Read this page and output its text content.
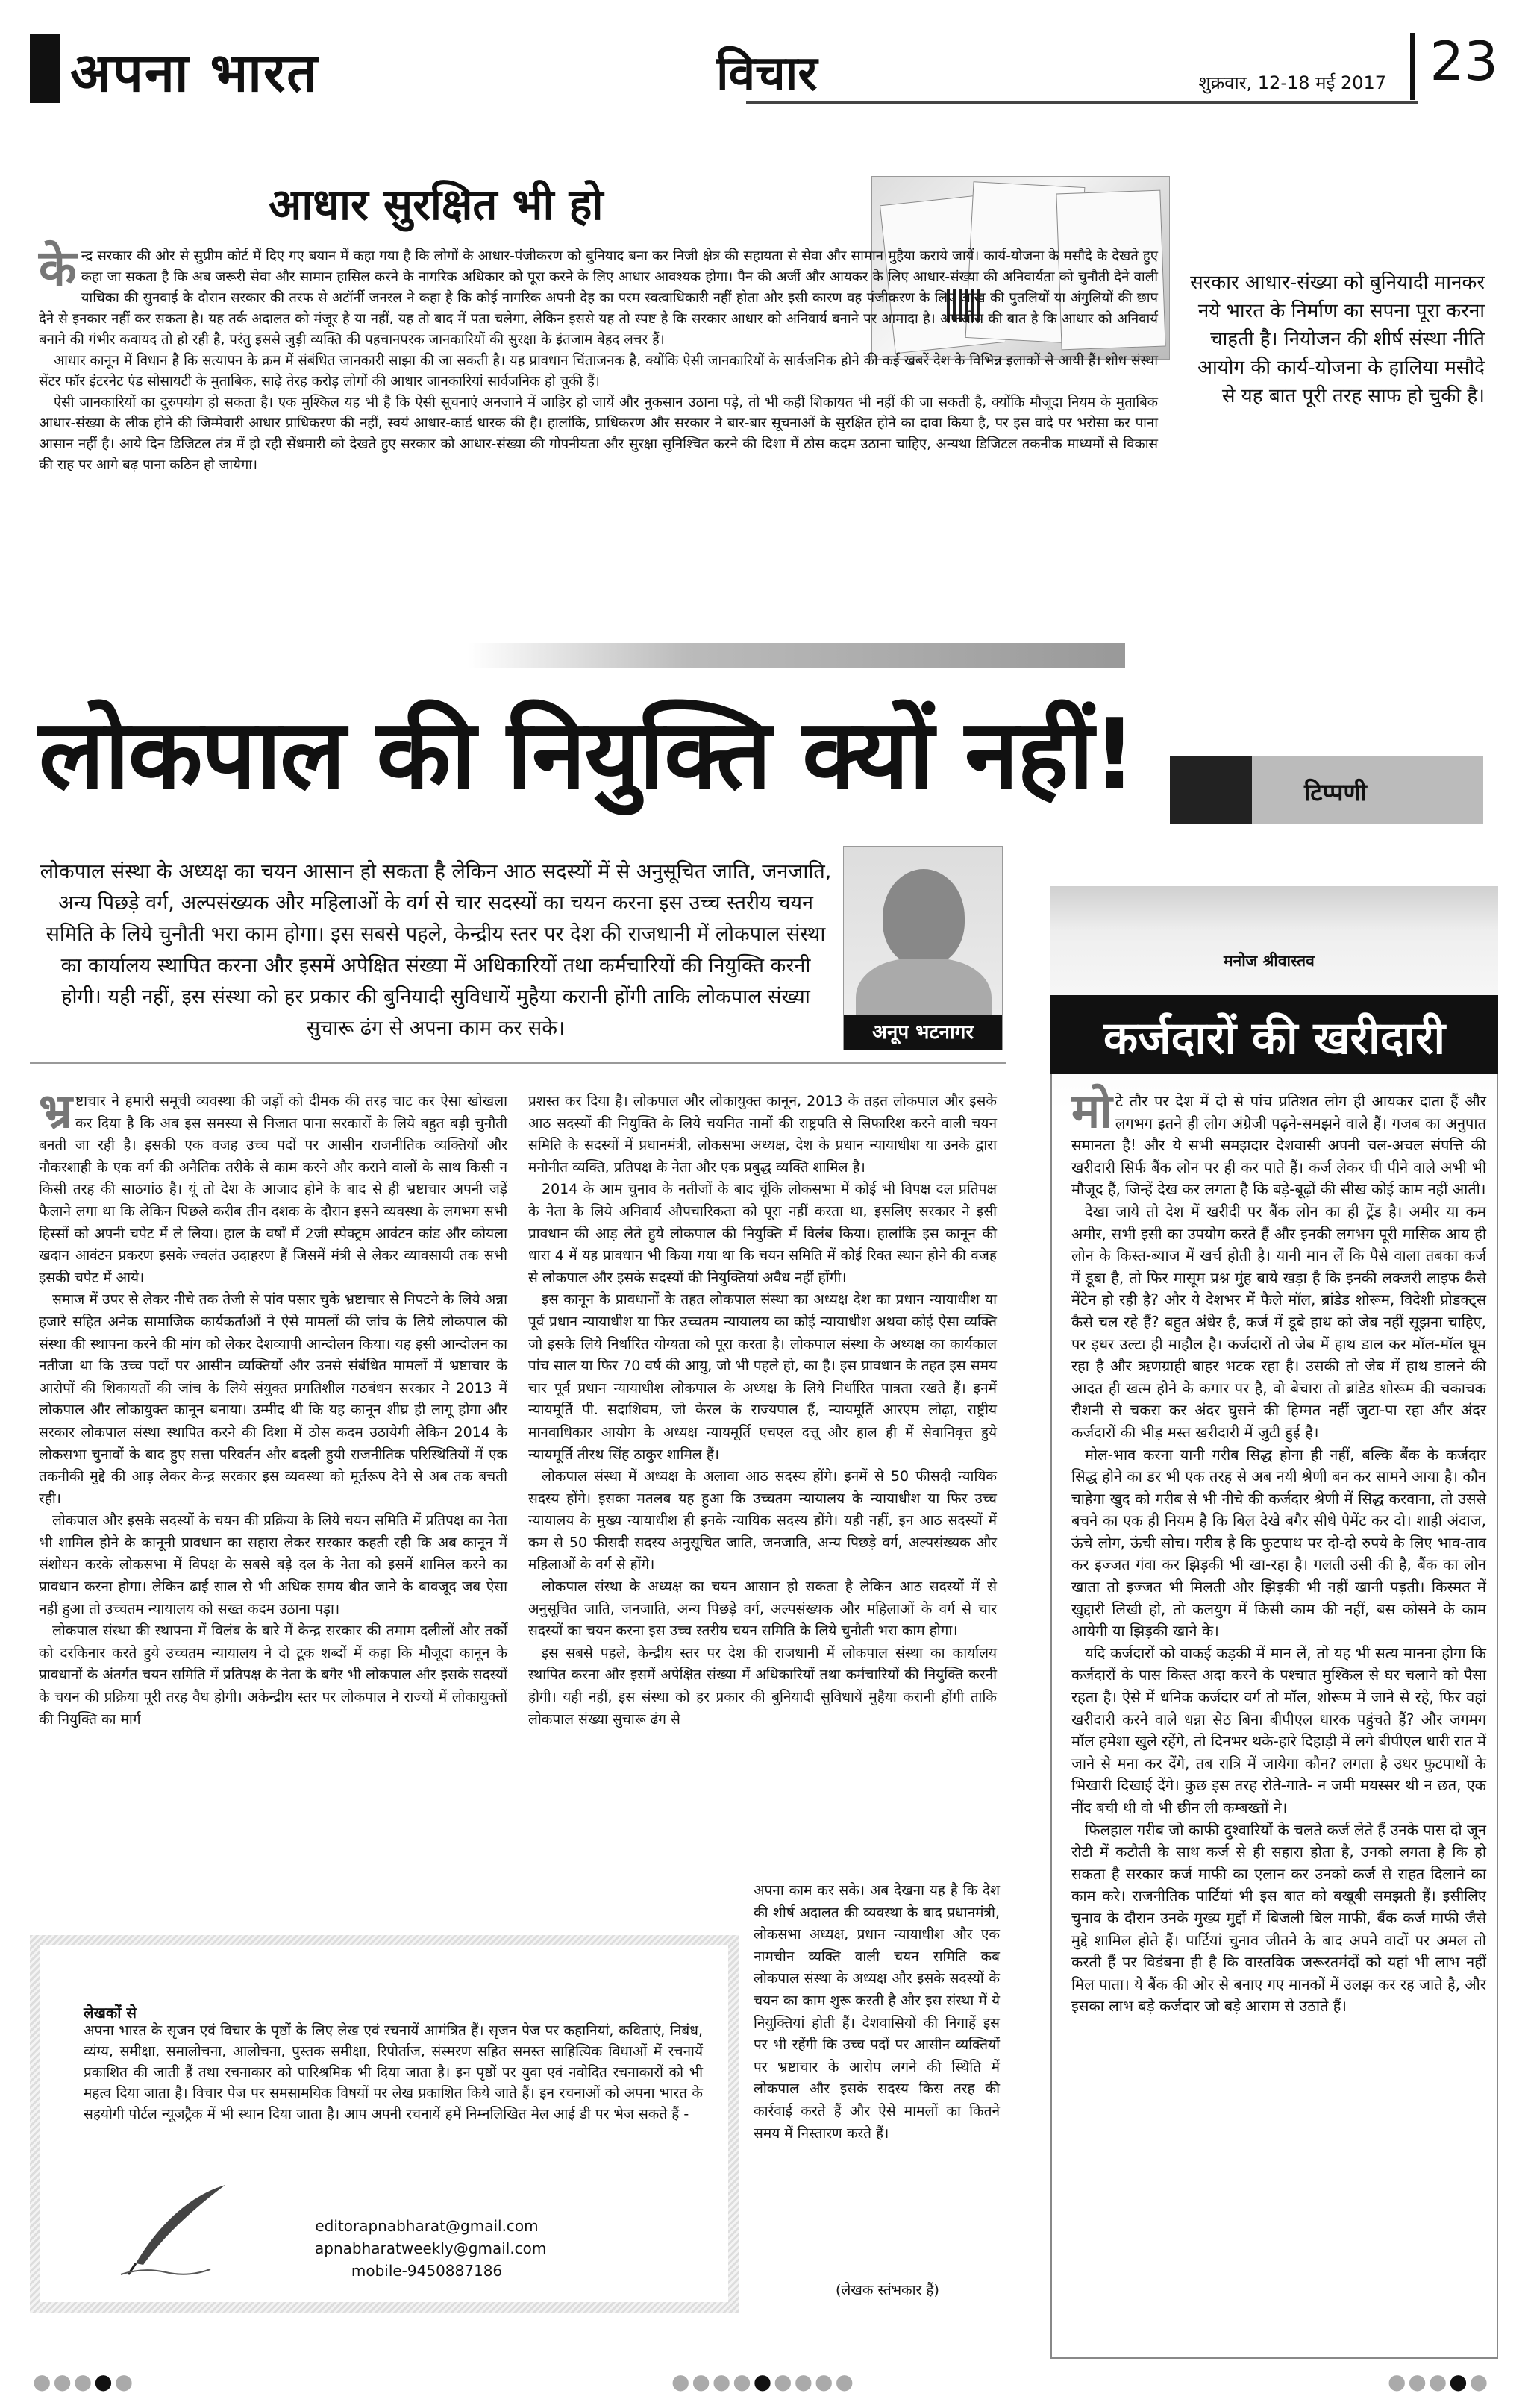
अपना भारत	विचार	शुक्रवार, 12-18 मई 2017 23
आधार सुरक्षित भी हो

केन्द्र सरकार की ओर से सुप्रीम कोर्ट में दिए गए बयान में कहा गया है कि लोगों के आधार-पंजीकरण को बुनियाद बना कर निजी क्षेत्र की सहायता से सेवा और सामान मुहैया कराये जायें। कार्य-योजना के मसौदे के देखते हुए कहा जा सकता है कि अब जरूरी सेवा और सामान हासिल करने के नागरिक अधिकार को पूरा करने के लिए आधार आवश्यक होगा। पैन की अर्जी और आयकर के लिए आधार-संख्या की अनिवार्यता को चुनौती देने वाली याचिका की सुनवाई के दौरान सरकार की तरफ से अटॉर्नी जनरल ने कहा है कि कोई नागरिक अपनी देह का परम स्वत्वाधिकारी नहीं होता और इसी कारण वह पंजीकरण के लिए आंख की पुतलियों या अंगुलियों की छाप देने से इनकार नहीं कर सकता है। यह तर्क अदालत को मंजूर है या नहीं, यह तो बाद में पता चलेगा, लेकिन इससे यह तो स्पष्ट है कि सरकार आधार को अनिवार्य बनाने पर आमादा है। अफसोस की बात है कि आधार को अनिवार्य बनाने की गंभीर कवायद तो हो रही है, परंतु इससे जुड़ी व्यक्ति की पहचानपरक जानकारियों की सुरक्षा के इंतजाम बेहद लचर हैं।

आधार कानून में विधान है कि सत्यापन के क्रम में संबंधित जानकारी साझा की जा सकती है। यह प्रावधान चिंताजनक है, क्योंकि ऐसी जानकारियों के सार्वजनिक होने की कई खबरें देश के विभिन्न इलाकों से आयी हैं। शोध संस्था सेंटर फॉर इंटरनेट एंड सोसायटी के मुताबिक, साढ़े तेरह करोड़ लोगों की आधार जानकारियां सार्वजनिक हो चुकी हैं।

ऐसी जानकारियों का दुरुपयोग हो सकता है। एक मुश्किल यह भी है कि ऐसी सूचनाएं अनजाने में जाहिर हो जायें और नुकसान उठाना पड़े, तो भी कहीं शिकायत भी नहीं की जा सकती है, क्योंकि मौजूदा नियम के मुताबिक आधार-संख्या के लीक होने की जिम्मेवारी आधार प्राधिकरण की नहीं, स्वयं आधार-कार्ड धारक की है। हालांकि, प्राधिकरण और सरकार ने बार-बार सूचनाओं के सुरक्षित होने का दावा किया है, पर इस वादे पर भरोसा कर पाना आसान नहीं है। आये दिन डिजिटल तंत्र में हो रही सेंधमारी को देखते हुए सरकार को आधार-संख्या की गोपनीयता और सुरक्षा सुनिश्चित करने की दिशा में ठोस कदम उठाना चाहिए, अन्यथा डिजिटल तकनीक माध्यमों से विकास की राह पर आगे बढ़ पाना कठिन हो जायेगा।

सरकार आधार-संख्या को बुनियादी मानकर नये भारत के निर्माण का सपना पूरा करना चाहती है। नियोजन की शीर्ष संस्था नीति आयोग की कार्य-योजना के हालिया मसौदे से यह बात पूरी तरह साफ हो चुकी है।
लोकपाल की नियुक्ति क्यों नहीं!	टिप्पणी
लोकपाल संस्था के अध्यक्ष का चयन आसान हो सकता है लेकिन आठ सदस्यों में से अनुसूचित जाति, जनजाति, अन्य पिछड़े वर्ग, अल्पसंख्यक और महिलाओं के वर्ग से चार सदस्यों का चयन करना इस उच्च स्तरीय चयन समिति के लिये चुनौती भरा काम होगा। इस सबसे पहले, केन्द्रीय स्तर पर देश की राजधानी में लोकपाल संस्था का कार्यालय स्थापित करना और इसमें अपेक्षित संख्या में अधिकारियों तथा कर्मचारियों की नियुक्ति करनी होगी। यही नहीं, इस संस्था को हर प्रकार की बुनियादी सुविधायें मुहैया करानी होंगी ताकि लोकपाल संख्या सुचारू ढंग से अपना काम कर सके।	अनूप भटनागर

भ्र ष्टाचार ने हमारी समूची व्यवस्था की जड़ों को दीमक की तरह चाट कर ऐसा खोखला कर दिया है कि अब इस समस्या से निजात पाना सरकारों के लिये बहुत बड़ी चुनौती बनती जा रही है। इसकी एक वजह उच्च पदों पर आसीन राजनीतिक व्यक्तियों और नौकरशाही के एक वर्ग की अनैतिक तरीके से काम करने और कराने वालों के साथ किसी न किसी तरह की साठगांठ है। यूं तो देश के आजाद होने के बाद से ही भ्रष्टाचार अपनी जड़ें फैलाने लगा था कि लेकिन पिछले करीब तीन दशक के दौरान इसने व्यवस्था के लगभग सभी हिस्सों को अपनी चपेट में ले लिया। हाल के वर्षों में 2जी स्पेक्ट्रम आवंटन कांड और कोयला खदान आवंटन प्रकरण इसके ज्वलंत उदाहरण हैं जिसमें मंत्री से लेकर व्यावसायी तक सभी इसकी चपेट में आये।

समाज में उपर से लेकर नीचे तक तेजी से पांव पसार चुके भ्रष्टाचार से निपटने के लिये अन्ना हजारे सहित अनेक सामाजिक कार्यकर्ताओं ने ऐसे मामलों की जांच के लिये लोकपाल की संस्था की स्थापना करने की मांग को लेकर देशव्यापी आन्दोलन किया। यह इसी आन्दोलन का नतीजा था कि उच्च पदों पर आसीन व्यक्तियों और उनसे संबंधित मामलों में भ्रष्टाचार के आरोपों की शिकायतों की जांच के लिये संयुक्त प्रगतिशील गठबंधन सरकार ने 2013 में लोकपाल और लोकायुक्त कानून बनाया। उम्मीद थी कि यह कानून शीघ्र ही लागू होगा और सरकार लोकपाल संस्था स्थापित करने की दिशा में ठोस कदम उठायेगी लेकिन 2014 के लोकसभा चुनावों के बाद हुए सत्ता परिवर्तन और बदली हुयी राजनीतिक परिस्थितियों में एक तकनीकी मुद्दे की आड़ लेकर केन्द्र सरकार इस व्यवस्था को मूर्तरूप देने से अब तक बचती रही।

लोकपाल और इसके सदस्यों के चयन की प्रक्रिया के लिये चयन समिति में प्रतिपक्ष का नेता भी शामिल होने के कानूनी प्रावधान का सहारा लेकर सरकार कहती रही कि अब कानून में संशोधन करके लोकसभा में विपक्ष के सबसे बड़े दल के नेता को इसमें शामिल करने का प्रावधान करना होगा। लेकिन ढाई साल से भी अधिक समय बीत जाने के बावजूद जब ऐसा नहीं हुआ तो उच्चतम न्यायालय को सख्त कदम उठाना पड़ा।

लोकपाल संस्था की स्थापना में विलंब के बारे में केन्द्र सरकार की तमाम दलीलों और तर्कों को दरकिनार करते हुये उच्चतम न्यायालय ने दो टूक शब्दों में कहा कि मौजूदा कानून के प्रावधानों के अंतर्गत चयन समिति में प्रतिपक्ष के नेता के बगैर भी लोकपाल और इसके सदस्यों के चयन की प्रक्रिया पूरी तरह वैध होगी। अकेन्द्रीय स्तर पर लोकपाल ने राज्यों में लोकायुक्तों की नियुक्ति का मार्ग

प्रशस्त कर दिया है। लोकपाल और लोकायुक्त कानून, 2013 के तहत लोकपाल और इसके आठ सदस्यों की नियुक्ति के लिये चयनित नामों की राष्ट्रपति से सिफारिश करने वाली चयन समिति के सदस्यों में प्रधानमंत्री, लोकसभा अध्यक्ष, देश के प्रधान न्यायाधीश या उनके द्वारा मनोनीत व्यक्ति, प्रतिपक्ष के नेता और एक प्रबुद्ध व्यक्ति शामिल है।

2014 के आम चुनाव के नतीजों के बाद चूंकि लोकसभा में कोई भी विपक्ष दल प्रतिपक्ष के नेता के लिये अनिवार्य औपचारिकता को पूरा नहीं करता था, इसलिए सरकार ने इसी प्रावधान की आड़ लेते हुये लोकपाल की नियुक्ति में विलंब किया। हालांकि इस कानून की धारा 4 में यह प्रावधान भी किया गया था कि चयन समिति में कोई रिक्त स्थान होने की वजह से लोकपाल और इसके सदस्यों की नियुक्तियां अवैध नहीं होंगी।

इस कानून के प्रावधानों के तहत लोकपाल संस्था का अध्यक्ष देश का प्रधान न्यायाधीश या पूर्व प्रधान न्यायाधीश या फिर उच्चतम न्यायालय का कोई न्यायाधीश अथवा कोई ऐसा व्यक्ति जो इसके लिये निर्धारित योग्यता को पूरा करता है। लोकपाल संस्था के अध्यक्ष का कार्यकाल पांच साल या फिर 70 वर्ष की आयु, जो भी पहले हो, का है। इस प्रावधान के तहत इस समय चार पूर्व प्रधान न्यायाधीश लोकपाल के अध्यक्ष के लिये निर्धारित पात्रता रखते हैं। इनमें न्यायमूर्ति पी. सदाशिवम, जो केरल के राज्यपाल हैं, न्यायमूर्ति आरएम लोढ़ा, राष्ट्रीय मानवाधिकार आयोग के अध्यक्ष न्यायमूर्ति एचएल दत्तू और हाल ही में सेवानिवृत्त हुये न्यायमूर्ति तीरथ सिंह ठाकुर शामिल हैं।

लोकपाल संस्था में अध्यक्ष के अलावा आठ सदस्य होंगे। इनमें से 50 फीसदी न्यायिक सदस्य होंगे। इसका मतलब यह हुआ कि उच्चतम न्यायालय के न्यायाधीश या फिर उच्च न्यायालय के मुख्य न्यायाधीश ही इनके न्यायिक सदस्य होंगे। यही नहीं, इन आठ सदस्यों में कम से 50 फीसदी सदस्य अनुसूचित जाति, जनजाति, अन्य पिछड़े वर्ग, अल्पसंख्यक और महिलाओं के वर्ग से होंगे।

लोकपाल संस्था के अध्यक्ष का चयन आसान हो सकता है लेकिन आठ सदस्यों में से अनुसूचित जाति, जनजाति, अन्य पिछड़े वर्ग, अल्पसंख्यक और महिलाओं के वर्ग से चार सदस्यों का चयन करना इस उच्च स्तरीय चयन समिति के लिये चुनौती भरा काम होगा।

इस सबसे पहले, केन्द्रीय स्तर पर देश की राजधानी में लोकपाल संस्था का कार्यालय स्थापित करना और इसमें अपेक्षित संख्या में अधिकारियों तथा कर्मचारियों की नियुक्ति करनी होगी। यही नहीं, इस संस्था को हर प्रकार की बुनियादी सुविधायें मुहैया करानी होंगी ताकि लोकपाल संख्या सुचारू ढंग से

अपना काम कर सके। अब देखना यह है कि देश की शीर्ष अदालत की व्यवस्था के बाद प्रधानमंत्री, लोकसभा अध्यक्ष, प्रधान न्यायाधीश और एक नामचीन व्यक्ति वाली चयन समिति कब लोकपाल संस्था के अध्यक्ष और इसके सदस्यों के चयन का काम शुरू करती है और इस संस्था में ये नियुक्तियां होती हैं। देशवासियों की निगाहें इस पर भी रहेंगी कि उच्च पदों पर आसीन व्यक्तियों पर भ्रष्टाचार के आरोप लगने की स्थिति में लोकपाल और इसके सदस्य किस तरह की कार्रवाई करते हैं और ऐसे मामलों का कितने समय में निस्तारण करते हैं।

(लेखक स्तंभकार हैं)
लेखकों से
अपना भारत के सृजन एवं विचार के पृष्ठों के लिए लेख एवं रचनायें आमंत्रित हैं। सृजन पेज पर कहानियां, कविताएं, निबंध, व्यंग्य, समीक्षा, समालोचना, आलोचना, पुस्तक समीक्षा, रिपोर्ताज, संस्मरण सहित समस्त साहित्यिक विधाओं में रचनायें प्रकाशित की जाती हैं तथा रचनाकार को पारिश्रमिक भी दिया जाता है। इन पृष्ठों पर युवा एवं नवोदित रचनाकारों को भी महत्व दिया जाता है। विचार पेज पर समसामयिक विषयों पर लेख प्रकाशित किये जाते हैं। इन रचनाओं को अपना भारत के सहयोगी पोर्टल न्यूजट्रैक में भी स्थान दिया जाता है। आप अपनी रचनायें हमें निम्नलिखित मेल आई डी पर भेज सकते हैं -
editorapnabharat@gmail.com
apnabharatweekly@gmail.com
mobile-9450887186
मनोज श्रीवास्तव
कर्जदारों की खरीदारी

मोटे तौर पर देश में दो से पांच प्रतिशत लोग ही आयकर दाता हैं और लगभग इतने ही लोग अंग्रेजी पढ़ने-समझने वाले हैं। गजब का अनुपात समानता है! और ये सभी समझदार देशवासी अपनी चल-अचल संपत्ति की खरीदारी सिर्फ बैंक लोन पर ही कर पाते हैं। कर्ज लेकर घी पीने वाले अभी भी मौजूद हैं, जिन्हें देख कर लगता है कि बड़े-बूढ़ों की सीख कोई काम नहीं आती।

देखा जाये तो देश में खरीदी पर बैंक लोन का ही ट्रेंड है। अमीर या कम अमीर, सभी इसी का उपयोग करते हैं और इनकी लगभग पूरी मासिक आय ही लोन के किस्त-ब्याज में खर्च होती है। यानी मान लें कि पैसे वाला तबका कर्ज में डूबा है, तो फिर मासूम प्रश्न मुंह बाये खड़ा है कि इनकी लक्जरी लाइफ कैसे मेंटेन हो रही है? और ये देशभर में फैले मॉल, ब्रांडेड शोरूम, विदेशी प्रोडक्ट्स कैसे चल रहे हैं? बहुत अंधेर है, कर्ज में डूबे हाथ को जेब नहीं सूझना चाहिए, पर इधर उल्टा ही माहौल है। कर्जदारों तो जेब में हाथ डाल कर मॉल-मॉल घूम रहा है और ऋणग्राही बाहर भटक रहा है। उसकी तो जेब में हाथ डालने की आदत ही खत्म होने के कगार पर है, वो बेचारा तो ब्रांडेड शोरूम की चकाचक रौशनी से चकरा कर अंदर घुसने की हिम्मत नहीं जुटा-पा रहा और अंदर कर्जदारों की भीड़ मस्त खरीदारी में जुटी हुई है।

मोल-भाव करना यानी गरीब सिद्ध होना ही नहीं, बल्कि बैंक के कर्जदार सिद्ध होने का डर भी एक तरह से अब नयी श्रेणी बन कर सामने आया है। कौन चाहेगा खुद को गरीब से भी नीचे की कर्जदार श्रेणी में सिद्ध करवाना, तो उससे बचने का एक ही नियम है कि बिल देखे बगैर सीधे पेमेंट कर दो। शाही अंदाज, ऊंचे लोग, ऊंची सोच। गरीब है कि फुटपाथ पर दो-दो रुपये के लिए भाव-ताव कर इज्जत गंवा कर झिड़की भी खा-रहा है। गलती उसी की है, बैंक का लोन खाता तो इज्जत भी मिलती और झिड़की भी नहीं खानी पड़ती। किस्मत में खुद्दारी लिखी हो, तो कलयुग में किसी काम की नहीं, बस कोसने के काम आयेगी या झिड़की खाने के।

यदि कर्जदारों को वाकई कड़की में मान लें, तो यह भी सत्य मानना होगा कि कर्जदारों के पास किस्त अदा करने के पश्चात मुश्किल से घर चलाने को पैसा रहता है। ऐसे में धनिक कर्जदार वर्ग तो मॉल, शोरूम में जाने से रहे, फिर वहां खरीदारी करने वाले धन्ना सेठ बिना बीपीएल धारक पहुंचते हैं? और जगमग मॉल हमेशा खुले रहेंगे, तो दिनभर थके-हारे दिहाड़ी में लगे बीपीएल धारी रात में जाने से मना कर देंगे, तब रात्रि में जायेगा कौन? लगता है उधर फुटपाथों के भिखारी दिखाई देंगे। कुछ इस तरह रोते-गाते- न जमी मयस्सर थी न छत, एक नींद बची थी वो भी छीन ली कम्बख्तों ने।

फिलहाल गरीब जो काफी दुश्वारियों के चलते कर्ज लेते हैं उनके पास दो जून रोटी में कटौती के साथ कर्ज से ही सहारा होता है, उनको लगता है कि हो सकता है सरकार कर्ज माफी का एलान कर उनको कर्ज से राहत दिलाने का काम करे। राजनीतिक पार्टियां भी इस बात को बखूबी समझती हैं। इसीलिए चुनाव के दौरान उनके मुख्य मुद्दों में बिजली बिल माफी, बैंक कर्ज माफी जैसे मुद्दे शामिल होते हैं। पार्टियां चुनाव जीतने के बाद अपने वादों पर अमल तो करती हैं पर विडंबना ही है कि वास्तविक जरूरतमंदों को यहां भी लाभ नहीं मिल पाता। ये बैंक की ओर से बनाए गए मानकों में उलझ कर रह जाते है, और इसका लाभ बड़े कर्जदार जो बड़े आराम से उठाते हैं।

●●●●●	●●●●●●●●●	●●●●●
